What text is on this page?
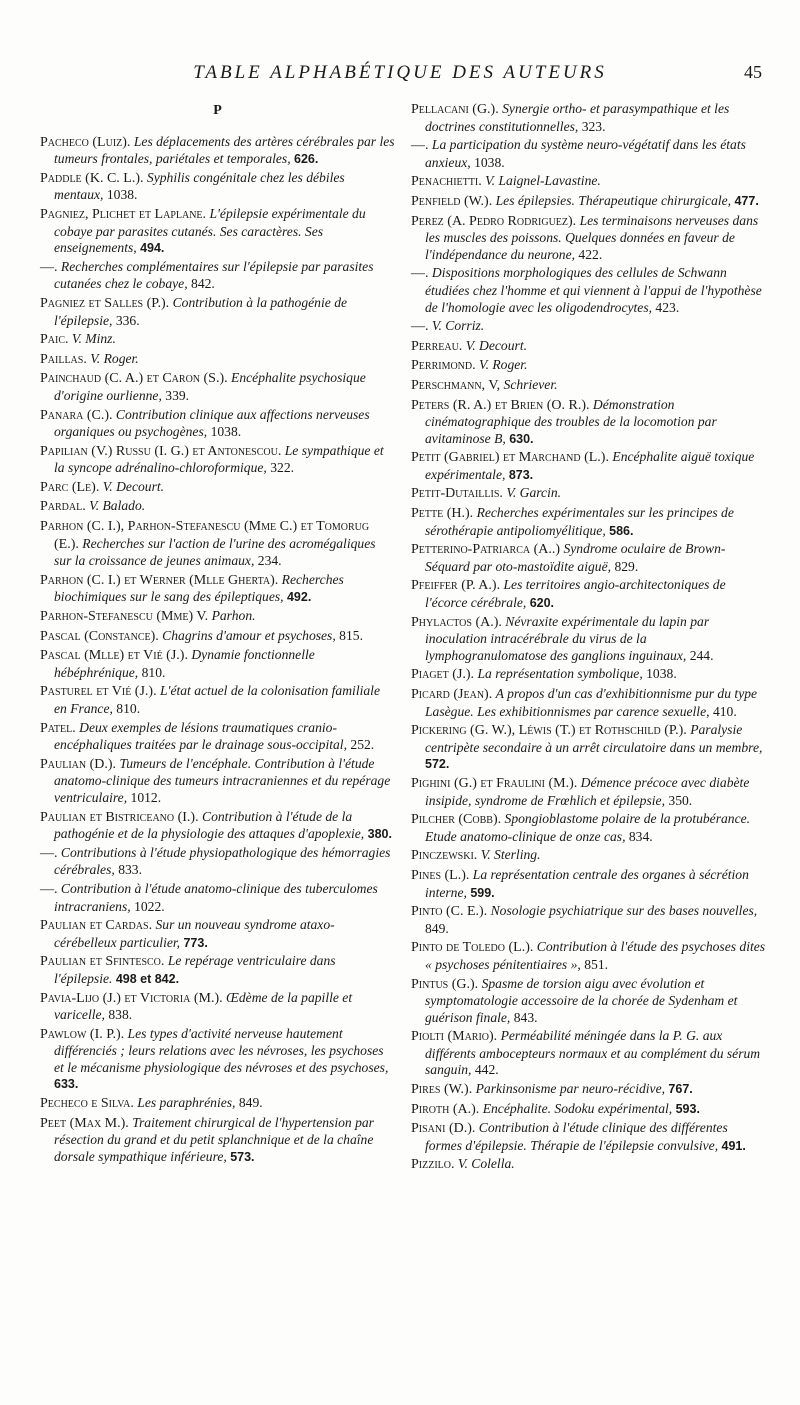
TABLE ALPHABÉTIQUE DES AUTEURS	45
P
Pacheco (Luiz). Les déplacements des artères cérébrales par les tumeurs frontales, pariétales et temporales, 626.
Paddle (K. C. L.). Syphilis congénitale chez les débiles mentaux, 1038.
Pagniez, Plichet et Laplane. L'épilepsie expérimentale du cobaye par parasites cutanés. Ses caractères. Ses enseignements, 494.
—. Recherches complémentaires sur l'épilepsie par parasites cutanées chez le cobaye, 842.
Pagniez et Salles (P.). Contribution à la pathogénie de l'épilepsie, 336.
Paic. V. Minz.
Paillas. V. Roger.
Painchaud (C. A.) et Caron (S.). Encéphalite psychosique d'origine ourlienne, 339.
Panara (C.). Contribution clinique aux affections nerveuses organiques ou psychogènes, 1038.
Papilian (V.) Russu (I. G.) et Antonescou. Le sympathique et la syncope adrénalino-chloroformique, 322.
Parc (Le). V. Decourt.
Pardal. V. Balado.
Parhon (C. I.), Parhon-Stefanescu (Mme C.) et Tomorug (E.). Recherches sur l'action de l'urine des acromégaliques sur la croissance de jeunes animaux, 234.
Parhon (C. I.) et Werner (Mlle Gherta). Recherches biochimiques sur le sang des épileptiques, 492.
Parhon-Stefanescu (Mme) V. Parhon.
Pascal (Constance). Chagrins d'amour et psychoses, 815.
Pascal (Mlle) et Vié (J.). Dynamie fonctionnelle hébéphrénique, 810.
Pasturel et Vié (J.). L'état actuel de la colonisation familiale en France, 810.
Patel. Deux exemples de lésions traumatiques cranio-encéphaliques traitées par le drainage sous-occipital, 252.
Paulian (D.). Tumeurs de l'encéphale. Contribution à l'étude anatomo-clinique des tumeurs intracraniennes et du repérage ventriculaire, 1012.
Paulian et Bistriceano (I.). Contribution à l'étude de la pathogénie et de la physiologie des attaques d'apoplexie, 380.
—. Contributions à l'étude physiopathologique des hémorragies cérébrales, 833.
—. Contribution à l'étude anatomo-clinique des tuberculomes intracraniens, 1022.
Paulian et Cardas. Sur un nouveau syndrome ataxo-cérébelleux particulier, 773.
Paulian et Sfintesco. Le repérage ventriculaire dans l'épilepsie. 498 et 842.
Pavia-Lijo (J.) et Victoria (M.). Œdème de la papille et varicelle, 838.
Pawlow (I. P.). Les types d'activité nerveuse hautement différenciés ; leurs relations avec les névroses, les psychoses et le mécanisme physiologique des névroses et des psychoses, 633.
Pecheco e Silva. Les paraphrénies, 849.
Peet (Max M.). Traitement chirurgical de l'hypertension par résection du grand et du petit splanchnique et de la chaîne dorsale sympathique inférieure, 573.
Pellacani (G.). Synergie ortho- et parasympathique et les doctrines constitutionnelles, 323.
—. La participation du système neuro-végétatif dans les états anxieux, 1038.
Penachietti. V. Laignel-Lavastine.
Penfield (W.). Les épilepsies. Thérapeutique chirurgicale, 477.
Perez (A. Pedro Rodriguez). Les terminaisons nerveuses dans les muscles des poissons. Quelques données en faveur de l'indépendance du neurone, 422.
—. Dispositions morphologiques des cellules de Schwann étudiées chez l'homme et qui viennent à l'appui de l'hypothèse de l'homologie avec les oligodendrocytes, 423.
—. V. Corriz.
Perreau. V. Decourt.
Perrimond. V. Roger.
Perschmann, V, Schriever.
Peters (R. A.) et Brien (O. R.). Démonstration cinématographique des troubles de la locomotion par avitaminose B, 630.
Petit (Gabriel) et Marchand (L.). Encéphalite aiguë toxique expérimentale, 873.
Petit-Dutaillis. V. Garcin.
Pette (H.). Recherches expérimentales sur les principes de sérothérapie antipoliomyélitique, 586.
Petterino-Patriarca (A..) Syndrome oculaire de Brown-Séquard par oto-mastoïdite aiguë, 829.
Pfeiffer (P. A.). Les territoires angio-architectoniques de l'écorce cérébrale, 620.
Phylactos (A.). Névraxite expérimentale du lapin par inoculation intracérébrale du virus de la lymphogranulomatose des ganglions inguinaux, 244.
Piaget (J.). La représentation symbolique, 1038.
Picard (Jean). A propos d'un cas d'exhibitionnisme pur du type Lasègue. Les exhibitionnismes par carence sexuelle, 410.
Pickering (G. W.), Léwis (T.) et Rothschild (P.). Paralysie centripète secondaire à un arrêt circulatoire dans un membre, 572.
Pighini (G.) et Fraulini (M.). Démence précoce avec diabète insipide, syndrome de Frœhlich et épilepsie, 350.
Pilcher (Cobb). Spongioblastome polaire de la protubérance. Etude anatomo-clinique de onze cas, 834.
Pinczewski. V. Sterling.
Pines (L.). La représentation centrale des organes à sécrétion interne, 599.
Pinto (C. E.). Nosologie psychiatrique sur des bases nouvelles, 849.
Pinto de Toledo (L.). Contribution à l'étude des psychoses dites « psychoses pénitentiaires », 851.
Pintus (G.). Spasme de torsion aigu avec évolution et symptomatologie accessoire de la chorée de Sydenham et guérison finale, 843.
Piolti (Mario). Perméabilité méningée dans la P. G. aux différents ambocepteurs normaux et au complément du sérum sanguin, 442.
Pires (W.). Parkinsonisme par neuro-récidive, 767.
Piroth (A.). Encéphalite. Sodoku expérimental, 593.
Pisani (D.). Contribution à l'étude clinique des différentes formes d'épilepsie. Thérapie de l'épilepsie convulsive, 491.
Pizzilo. V. Colella.
